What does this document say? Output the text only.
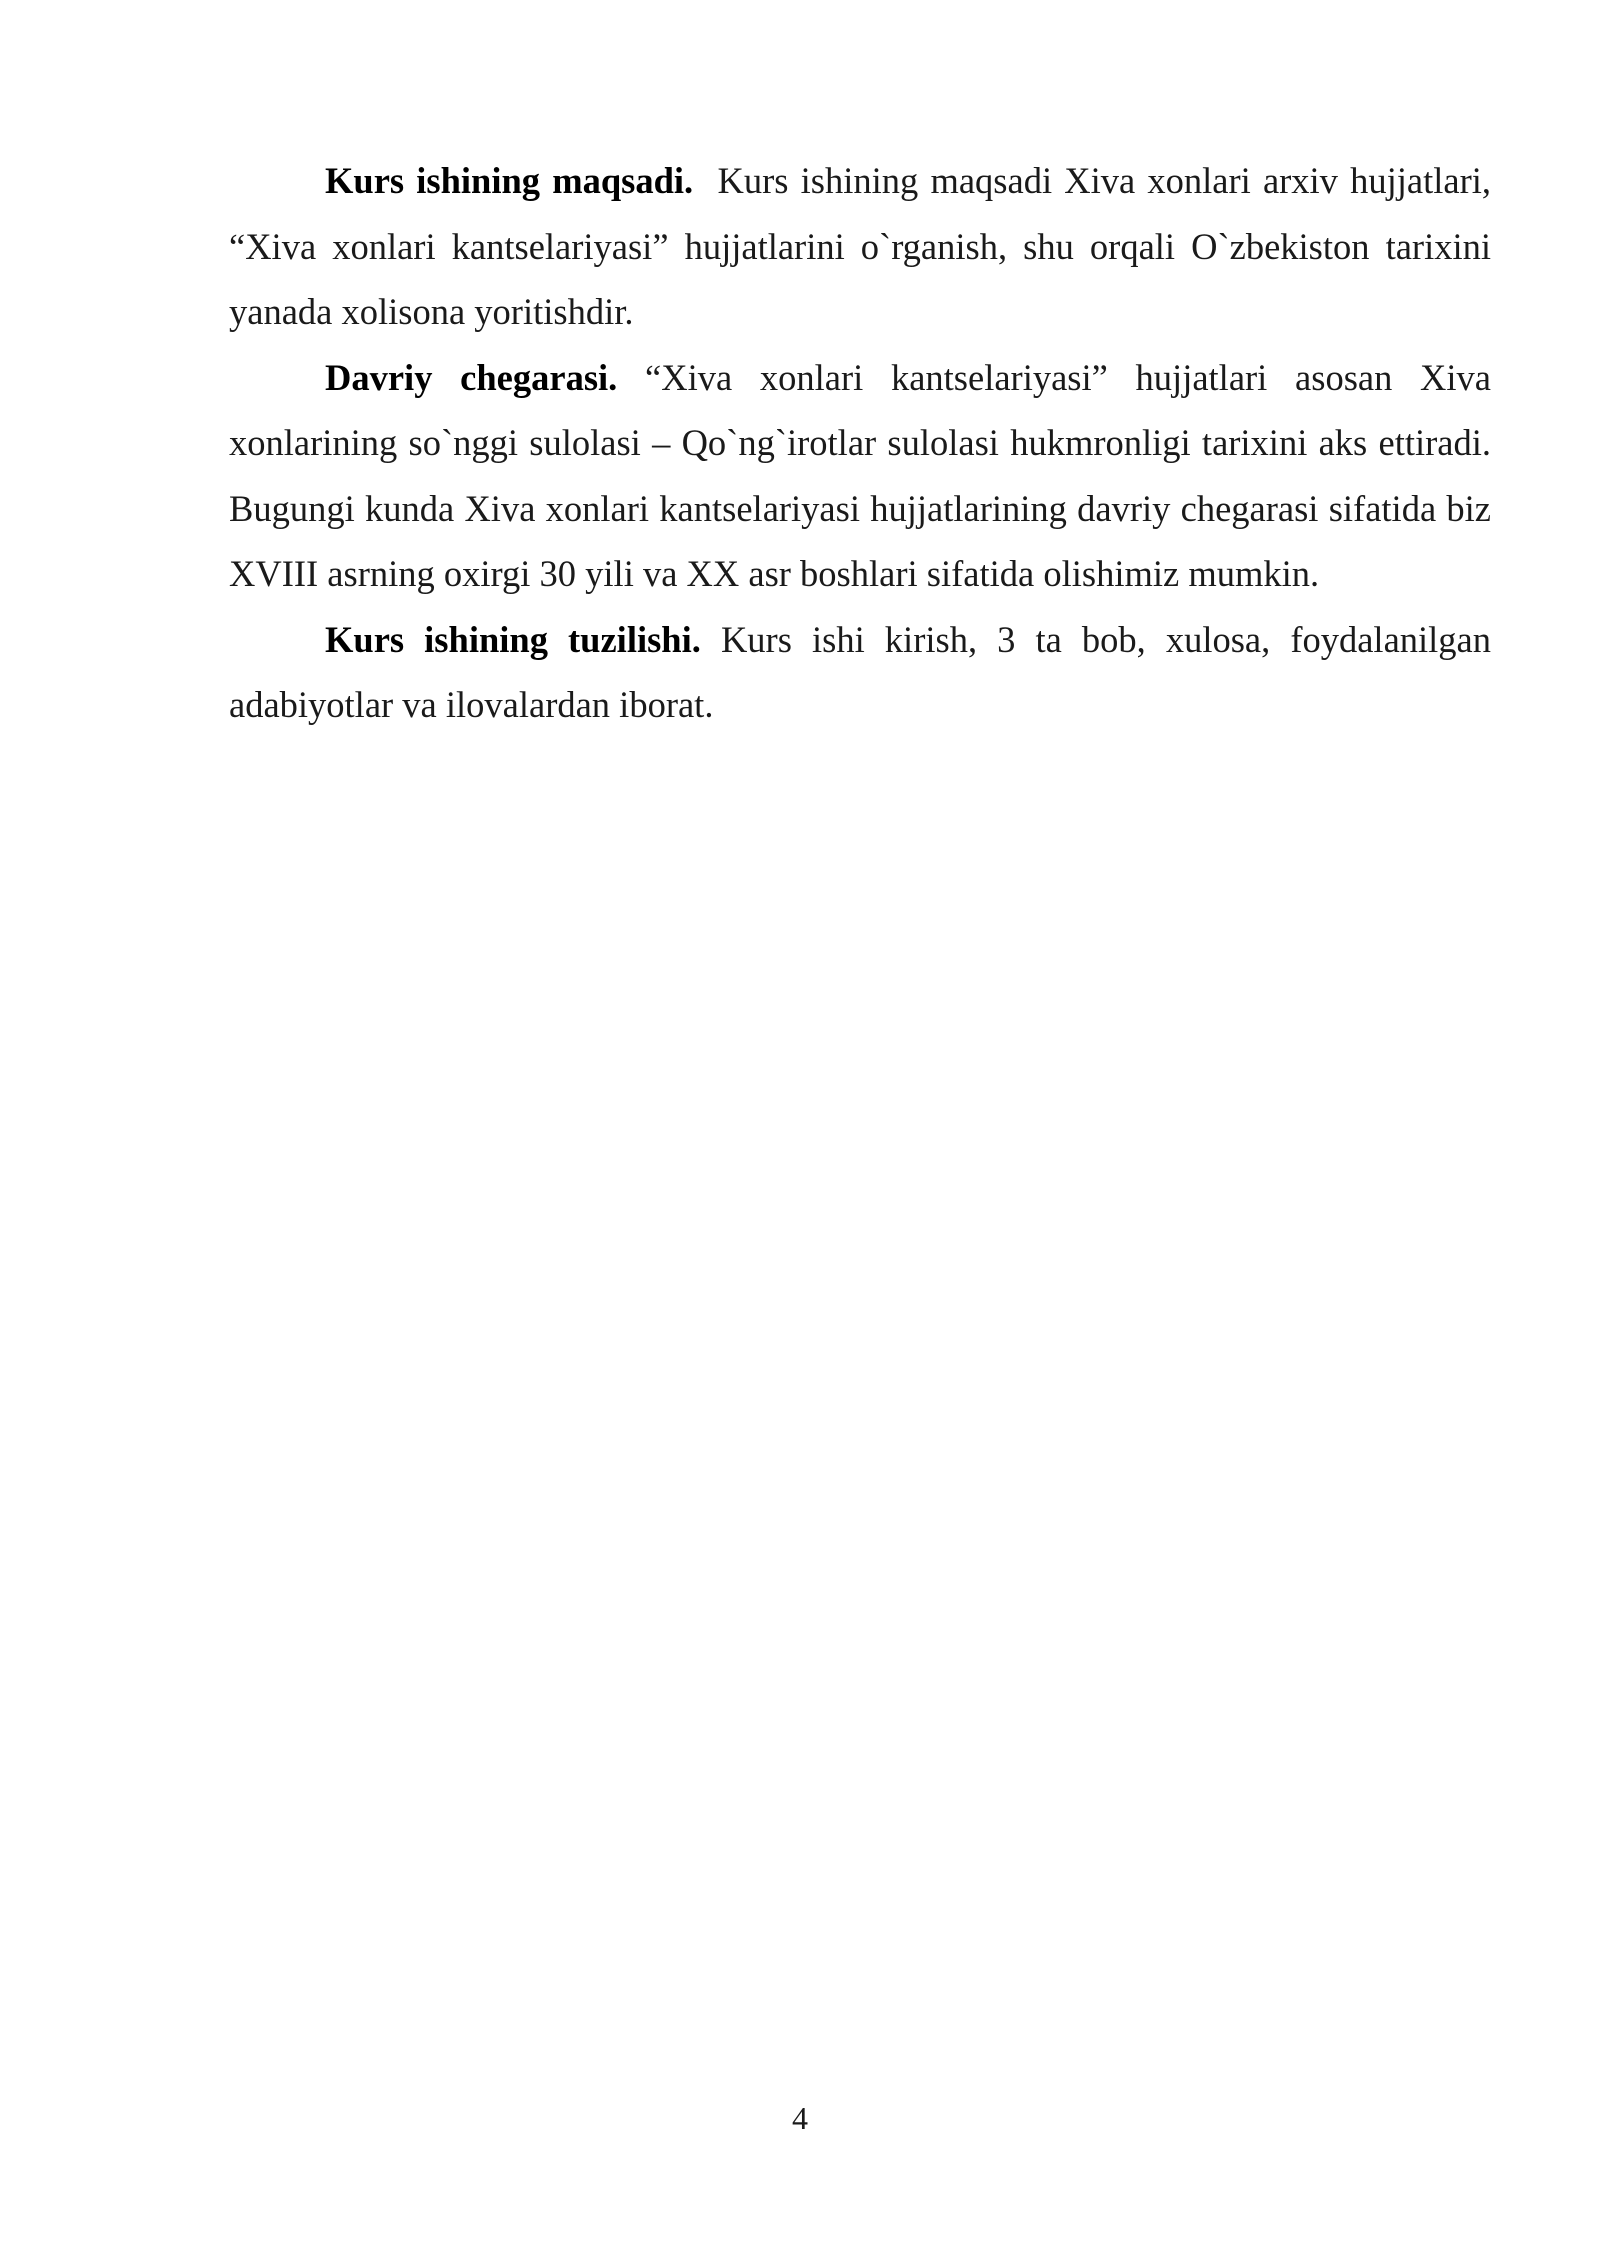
Kurs ishining maqsadi.  Kurs ishining maqsadi Xiva xonlari arxiv hujjatlari, “Xiva xonlari kantselariyasi” hujjatlarini o`rganish, shu orqali O`zbekiston tarixini yanada xolisona yoritishdir.

Davriy chegarasi. “Xiva xonlari kantselariyasi” hujjatlari asosan Xiva xonlarining so`nggi sulolasi – Qo`ng`irotlar sulolasi hukmronligi tarixini aks ettiradi. Bugungi kunda Xiva xonlari kantselariyasi hujjatlarining davriy chegarasi sifatida biz XVIII asrning oxirgi 30 yili va XX asr boshlari sifatida olishimiz mumkin.

Kurs ishining tuzilishi. Kurs ishi kirish, 3 ta bob, xulosa, foydalanilgan adabiyotlar va ilovalardan iborat.

4
